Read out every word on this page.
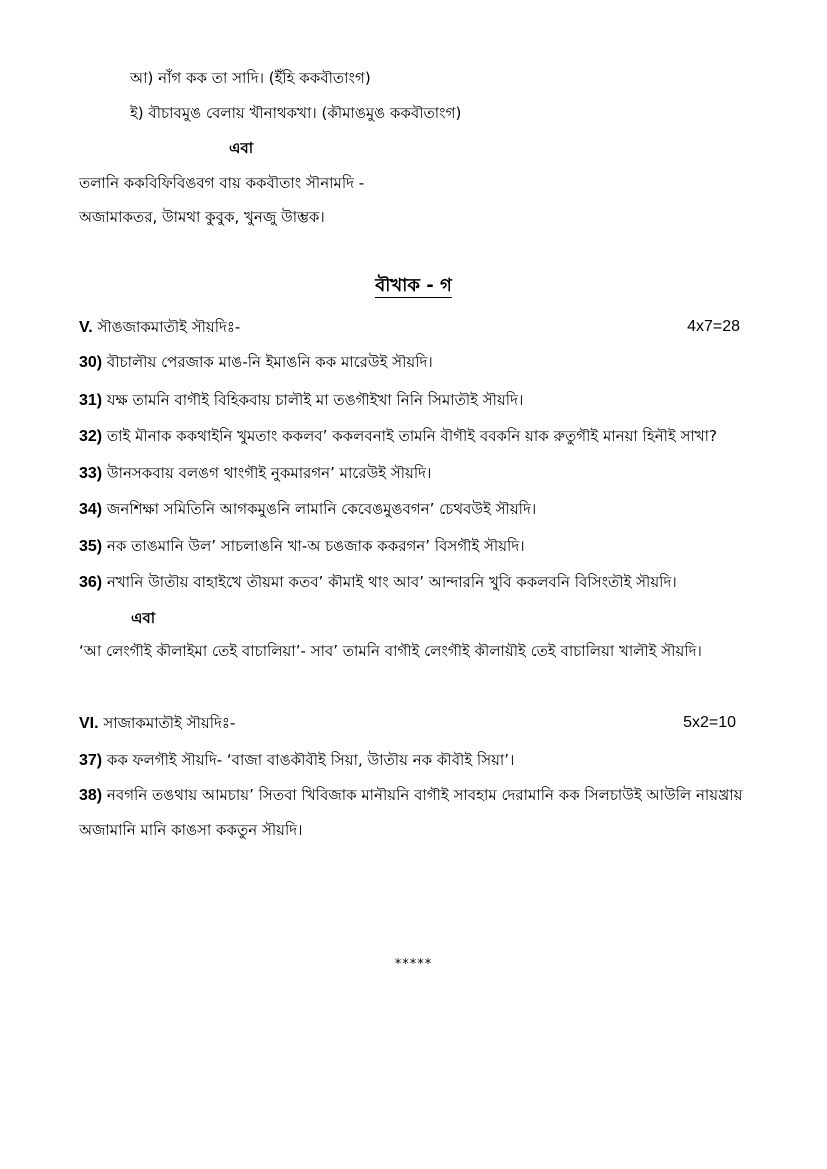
আ) নাঁগ কক তা সাদি। (ইঁহি ককবৗতাংগ)
ই) বৗচাবমুঙ বেলায় খৗনাথকখা। (কৗমাঙমুঙ ককবৗতাংগ)
এবা
তলানি ককবিফিবিঙবগ বায় ককবৗতাং সৗনামদি -
অজামাকতর, উামথা কুবুক, খুনজু উাম্ভক।
বৗখাক - গ
V. সৗঙজাকমাতৗই সৗয়দিঃ-	4x7=28
30) বৗচালৗয় পেরজাক মাঙ-নি ইমাঙনি কক মারেউই সৗয়দি।
31) যক্ষ তামনি বাগৗই বিহিকবায় চালৗই মা তঙগৗইখা নিনি সিমাতৗই সৗয়দি।
32) তাই মৗনাক ককথাইনি খুমতাং ককলব’ ককলবনাই তামনি বৗগৗই ববকনি য়াক রুতুগৗই মানয়া হিনৗই সাখা?
33) উানসকবায় বলঙগ থাংগৗই নুকমারগন’ মারেউই সৗয়দি।
34) জনশিক্ষা সমিতিনি আগকমুঙনি লামানি কেবেঙমুঙবগন’ চেথবউই সৗয়দি।
35) নক তাঙমানি উল’ সাচলাঙনি খা-অ চঙজাক ককরগন’ বিসগৗই সৗয়দি।
36) নখানি উাতৗয় বাহাইখে তৗয়মা কতব’ কৗমাই থাং আব’ আন্দারনি খুবি ককলবনি বিসিংতৗই সৗয়দি।
এবা
‘আ লেংগৗই কৗলাইমা তেই বাচালিয়া’- সাব’ তামনি বাগৗই লেংগৗই কৗলায়ৗই তেই বাচালিয়া খালৗই সৗয়দি।
VI. সাজাকমাতৗই সৗয়দিঃ-	5x2=10
37) কক ফলগৗই সৗয়দি- ‘বাজা বাঙকৗবৗই সিয়া, উাতৗয় নক কৗবৗই সিয়া’।
38) নবগনি তঙথায় আমচায়’ সিতবা খিবিজাক মানৗয়নি বাগৗই সাবহাম দেরামানি কক সিলচাউই আউলি নায়খ্রায়
অজামানি মানি কাঙসা ককতুন সৗয়দি।
*****
